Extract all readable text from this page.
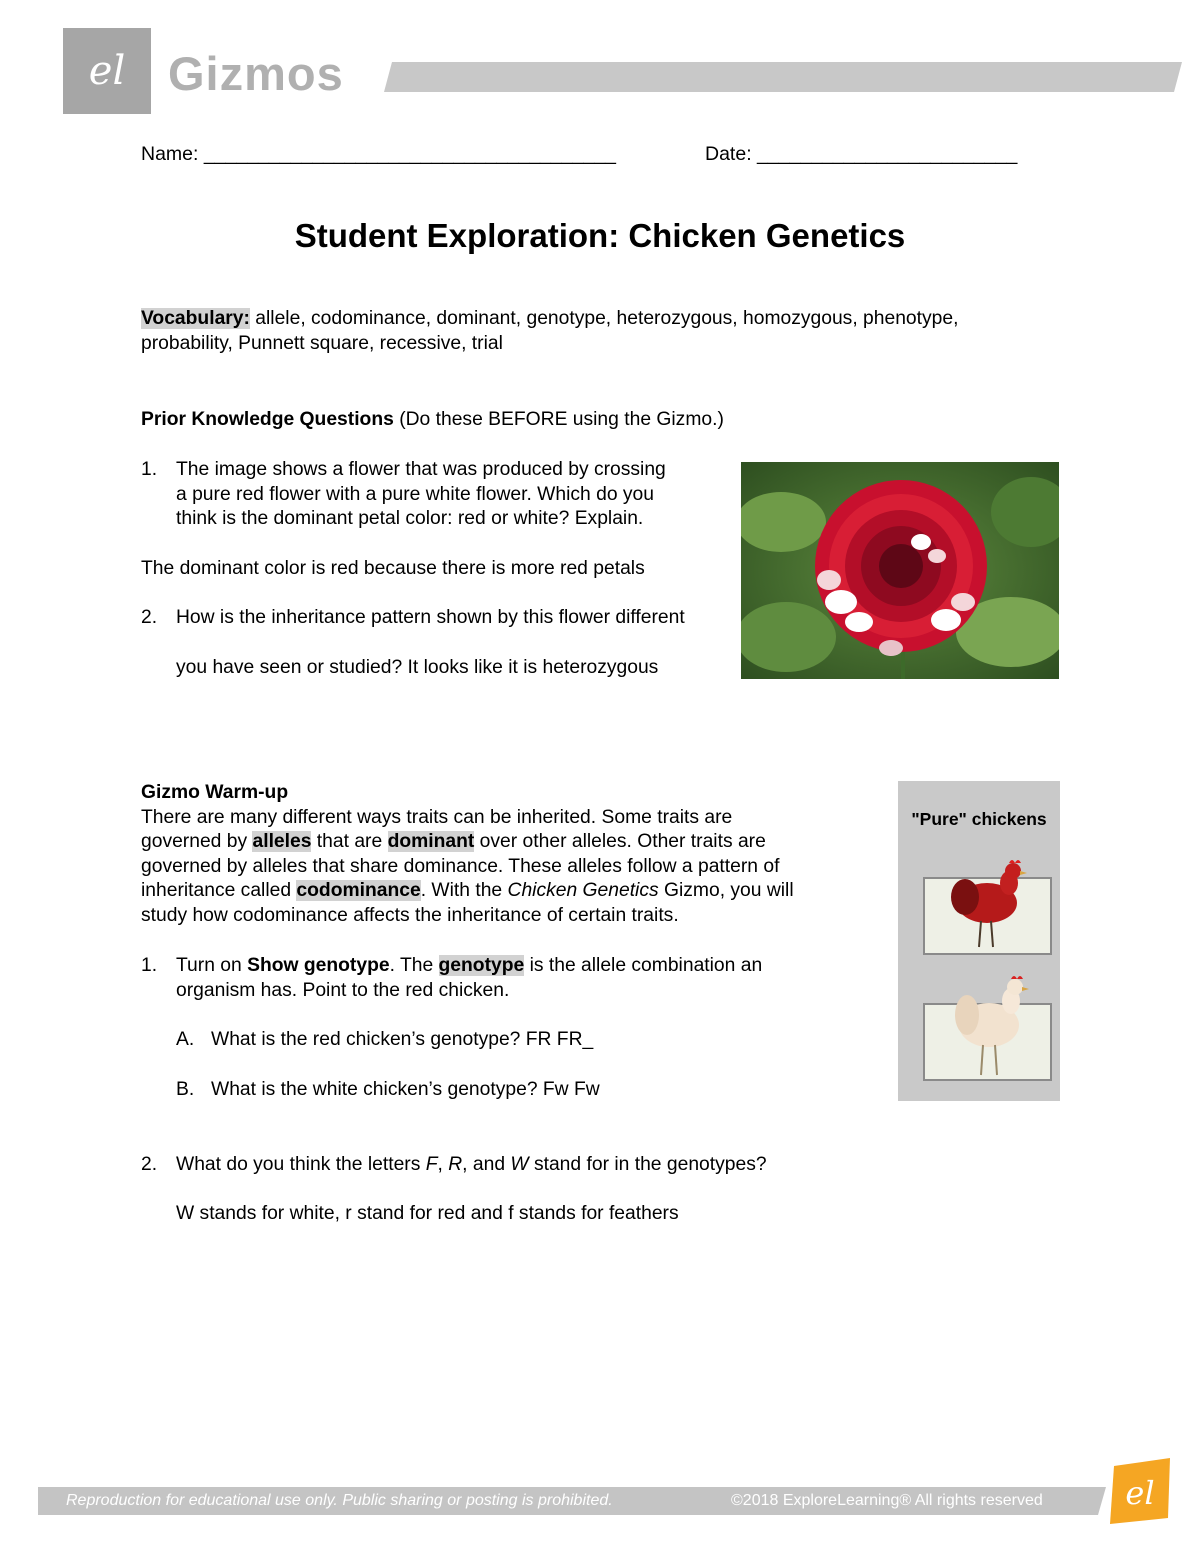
el Gizmos
Name: ______________________________________	Date: ________________________
Student Exploration: Chicken Genetics
Vocabulary: allele, codominance, dominant, genotype, heterozygous, homozygous, phenotype,
probability, Punnett square, recessive, trial
Prior Knowledge Questions (Do these BEFORE using the Gizmo.)
1. The image shows a flower that was produced by crossing
a pure red flower with a pure white flower. Which do you
think is the dominant petal color: red or white? Explain.
The dominant color is red because there is more red petals
2. How is the inheritance pattern shown by this flower different
you have seen or studied? It looks like it is heterozygous
Gizmo Warm-up
There are many different ways traits can be inherited. Some traits are
governed by alleles that are dominant over other alleles. Other traits are
governed by alleles that share dominance. These alleles follow a pattern of
inheritance called codominance. With the Chicken Genetics Gizmo, you will
study how codominance affects the inheritance of certain traits.
1. Turn on Show genotype. The genotype is the allele combination an
organism has. Point to the red chicken.
A. What is the red chicken’s genotype? FR FR_
B. What is the white chicken’s genotype? Fw Fw
2. What do you think the letters F, R, and W stand for in the genotypes?
W stands for white, r stand for red and f stands for feathers
"Pure" chickens
Reproduction for educational use only. Public sharing or posting is prohibited.	©2018 ExploreLearning® All rights reserved	el
